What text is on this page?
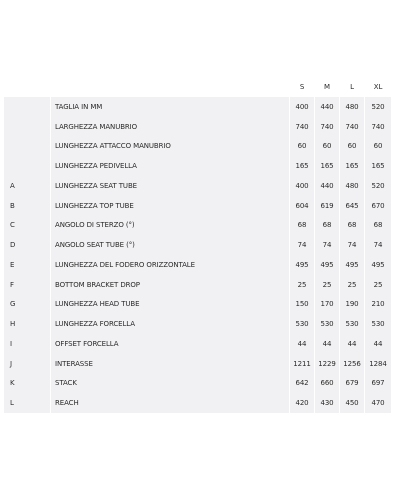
		S	M	L	XL
	TAGLIA IN MM	400	440	480	520
	LARGHEZZA MANUBRIO	740	740	740	740
	LUNGHEZZA ATTACCO MANUBRIO	60	60	60	60
	LUNGHEZZA PEDIVELLA	165	165	165	165
A	LUNGHEZZA SEAT TUBE	400	440	480	520
B	LUNGHEZZA TOP TUBE	604	619	645	670
C	ANGOLO DI STERZO (°)	68	68	68	68
D	ANGOLO SEAT TUBE (°)	74	74	74	74
E	LUNGHEZZA DEL FODERO ORIZZONTALE	495	495	495	495
F	BOTTOM BRACKET DROP	25	25	25	25
G	LUNGHEZZA HEAD TUBE	150	170	190	210
H	LUNGHEZZA FORCELLA	530	530	530	530
I	OFFSET FORCELLA	44	44	44	44
J	INTERASSE	1211	1229	1256	1284
K	STACK	642	660	679	697
L	REACH	420	430	450	470
